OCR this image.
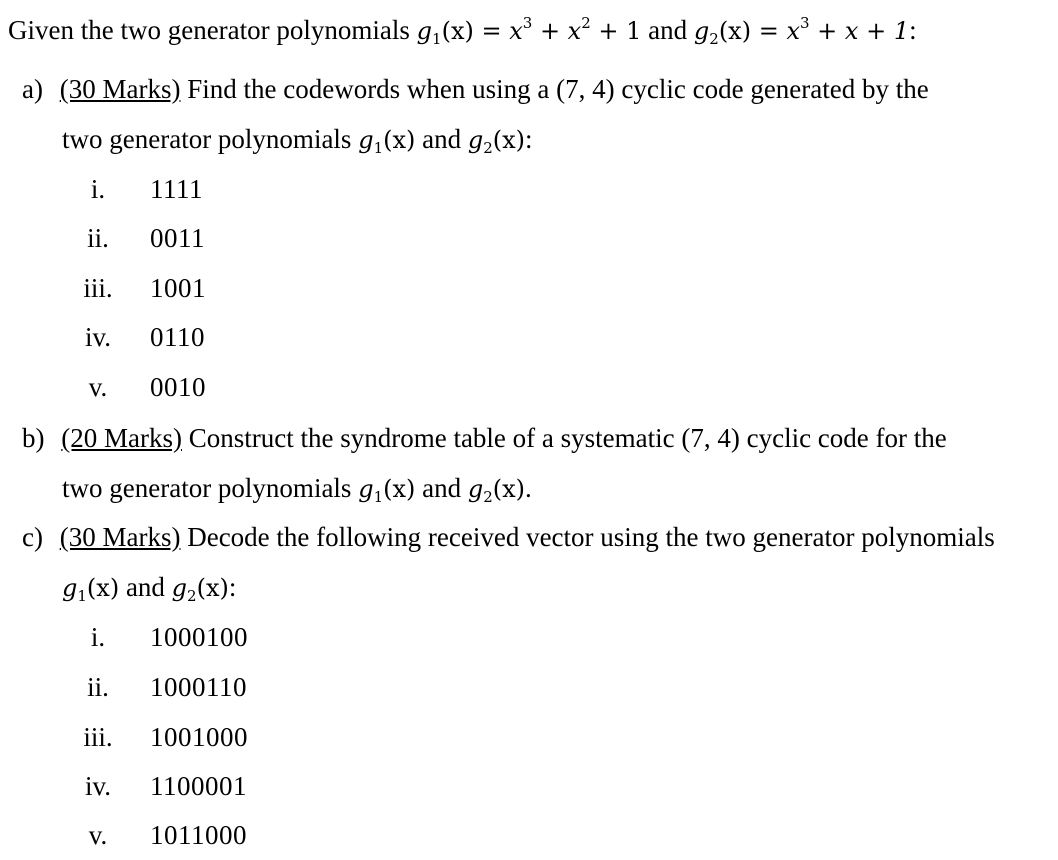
Given the two generator polynomials $g_1(x) = x^3 + x^2 + 1$ and $g_2(x) = x^3 + x + 1$:
a) (30 Marks) Find the codewords when using a (7, 4) cyclic code generated by the
two generator polynomials $g_1(x)$ and $g_2(x)$:
i.	1111
ii.	0011
iii.	1001
iv.	0110
v.	0010
b) (20 Marks) Construct the syndrome table of a systematic (7, 4) cyclic code for the
two generator polynomials $g_1(x)$ and $g_2(x)$.
c) (30 Marks) Decode the following received vector using the two generator polynomials
$g_1(x)$ and $g_2(x)$:
i.	1000100
ii.	1000110
iii.	1001000
iv.	1100001
v.	1011000
